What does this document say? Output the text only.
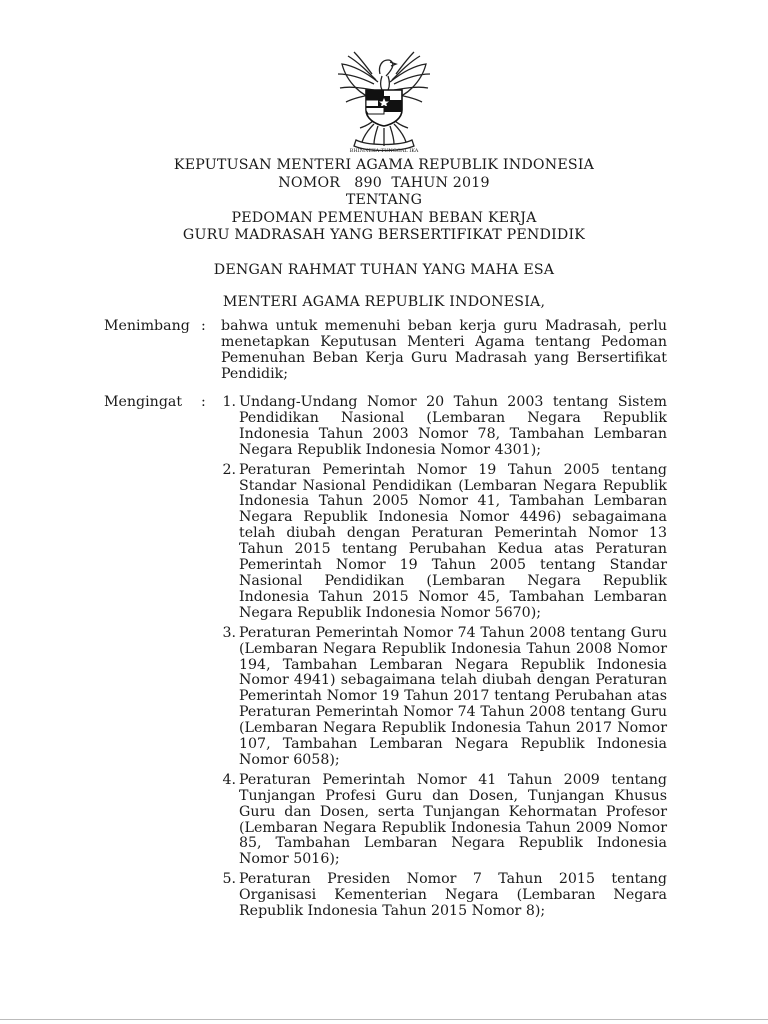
BHINNEKA TUNGGAL IKA
KEPUTUSAN MENTERI AGAMA REPUBLIK INDONESIA
NOMOR   890  TAHUN 2019
TENTANG
PEDOMAN PEMENUHAN BEBAN KERJA
GURU MADRASAH YANG BERSERTIFIKAT PENDIDIK
DENGAN RAHMAT TUHAN YANG MAHA ESA
MENTERI AGAMA REPUBLIK INDONESIA,
Menimbang :	bahwa untuk memenuhi beban kerja guru Madrasah, perlu menetapkan Keputusan Menteri Agama tentang Pedoman Pemenuhan Beban Kerja Guru Madrasah yang Bersertifikat Pendidik;
Mengingat	:	1. Undang-Undang Nomor 20 Tahun 2003 tentang Sistem Pendidikan Nasional (Lembaran Negara Republik Indonesia Tahun 2003 Nomor 78, Tambahan Lembaran Negara Republik Indonesia Nomor 4301);
2. Peraturan Pemerintah Nomor 19 Tahun 2005 tentang Standar Nasional Pendidikan (Lembaran Negara Republik Indonesia Tahun 2005 Nomor 41, Tambahan Lembaran Negara Republik Indonesia Nomor 4496) sebagaimana telah diubah dengan Peraturan Pemerintah Nomor 13 Tahun 2015 tentang Perubahan Kedua atas Peraturan Pemerintah Nomor 19 Tahun 2005 tentang Standar Nasional Pendidikan (Lembaran Negara Republik Indonesia Tahun 2015 Nomor 45, Tambahan Lembaran Negara Republik Indonesia Nomor 5670);
3. Peraturan Pemerintah Nomor 74 Tahun 2008 tentang Guru (Lembaran Negara Republik Indonesia Tahun 2008 Nomor 194, Tambahan Lembaran Negara Republik Indonesia Nomor 4941) sebagaimana telah diubah dengan Peraturan Pemerintah Nomor 19 Tahun 2017 tentang Perubahan atas Peraturan Pemerintah Nomor 74 Tahun 2008 tentang Guru (Lembaran Negara Republik Indonesia Tahun 2017 Nomor 107, Tambahan Lembaran Negara Republik Indonesia Nomor 6058);
4. Peraturan Pemerintah Nomor 41 Tahun 2009 tentang Tunjangan Profesi Guru dan Dosen, Tunjangan Khusus Guru dan Dosen, serta Tunjangan Kehormatan Profesor (Lembaran Negara Republik Indonesia Tahun 2009 Nomor 85, Tambahan Lembaran Negara Republik Indonesia Nomor 5016);
5. Peraturan Presiden Nomor 7 Tahun 2015 tentang Organisasi Kementerian Negara (Lembaran Negara Republik Indonesia Tahun 2015 Nomor 8);
